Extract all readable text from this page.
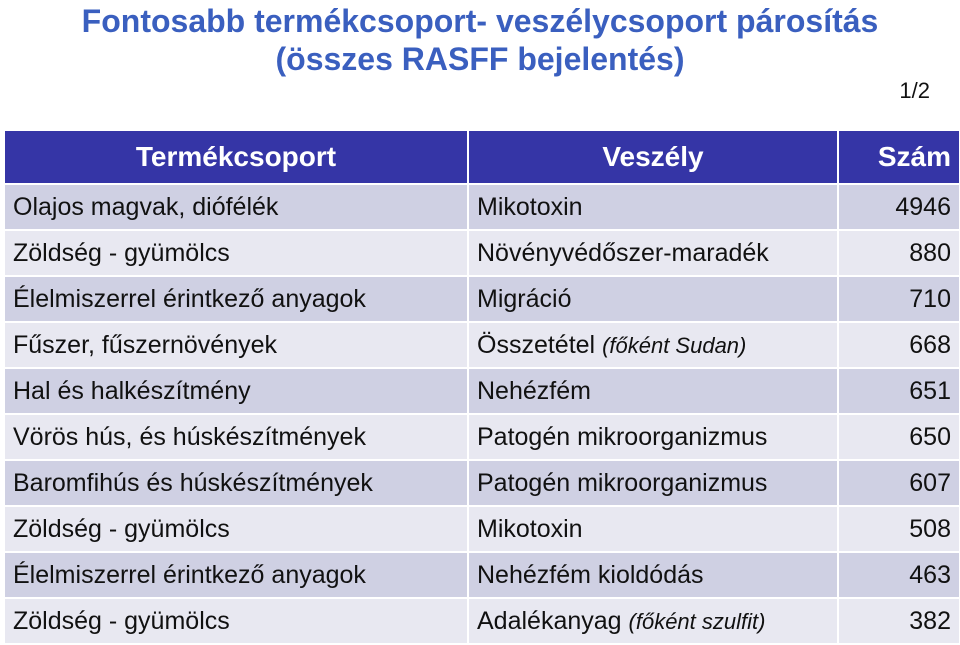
Fontosabb termékcsoport- veszélycsoport párosítás
(összes RASFF bejelentés)
1/2
Termékcsoport	Veszély	Szám
Olajos magvak, diófélék	Mikotoxin	4946
Zöldség - gyümölcs	Növényvédőszer-maradék	880
Élelmiszerrel érintkező anyagok	Migráció	710
Fűszer, fűszernövények	Összetétel (főként Sudan)	668
Hal és halkészítmény	Nehézfém	651
Vörös hús, és húskészítmények	Patogén mikroorganizmus	650
Baromfihús és húskészítmények	Patogén mikroorganizmus	607
Zöldség - gyümölcs	Mikotoxin	508
Élelmiszerrel érintkező anyagok	Nehézfém kioldódás	463
Zöldség - gyümölcs	Adalékanyag (főként szulfit)	382
